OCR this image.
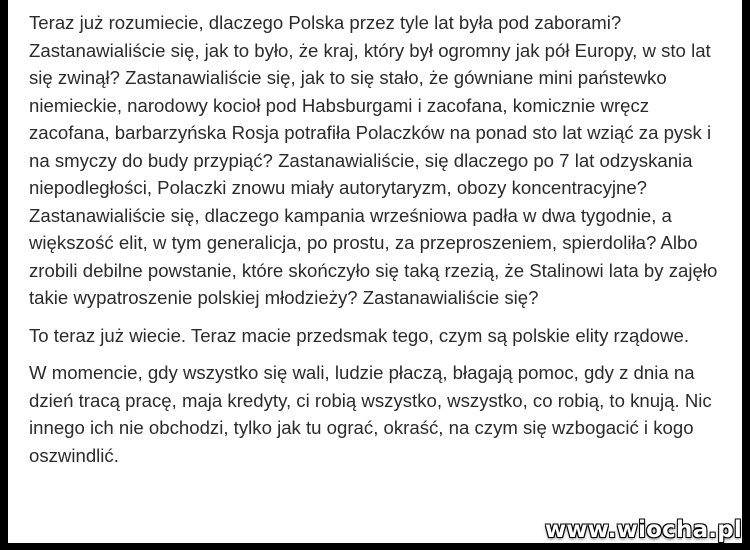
Teraz już rozumiecie, dlaczego Polska przez tyle lat była pod zaborami? Zastanawialiście się, jak to było, że kraj, który był ogromny jak pół Europy, w sto lat się zwinął? Zastanawialiście się, jak to się stało, że gówniane mini państewko niemieckie, narodowy kocioł pod Habsburgami i zacofana, komicznie wręcz zacofana, barbarzyńska Rosja potrafiła Polaczków na ponad sto lat wziąć za pysk i na smyczy do budy przypiąć? Zastanawialiście, się dlaczego po 7 lat odzyskania niepodległości, Polaczki znowu miały autorytaryzm, obozy koncentracyjne? Zastanawialiście się, dlaczego kampania wrześniowa padła w dwa tygodnie, a większość elit, w tym generalicja, po prostu, za przeproszeniem, spierdoliła? Albo zrobili debilne powstanie, które skończyło się taką rzezią, że Stalinowi lata by zajęło takie wypatroszenie polskiej młodzieży? Zastanawialiście się?

To teraz już wiecie. Teraz macie przedsmak tego, czym są polskie elity rządowe.

W momencie, gdy wszystko się wali, ludzie płaczą, błagają pomoc, gdy z dnia na dzień tracą pracę, maja kredyty, ci robią wszystko, wszystko, co robią, to knują. Nic innego ich nie obchodzi, tylko jak tu ograć, okraść, na czym się wzbogacić i kogo oszwindlić.

www.wiocha.pl
